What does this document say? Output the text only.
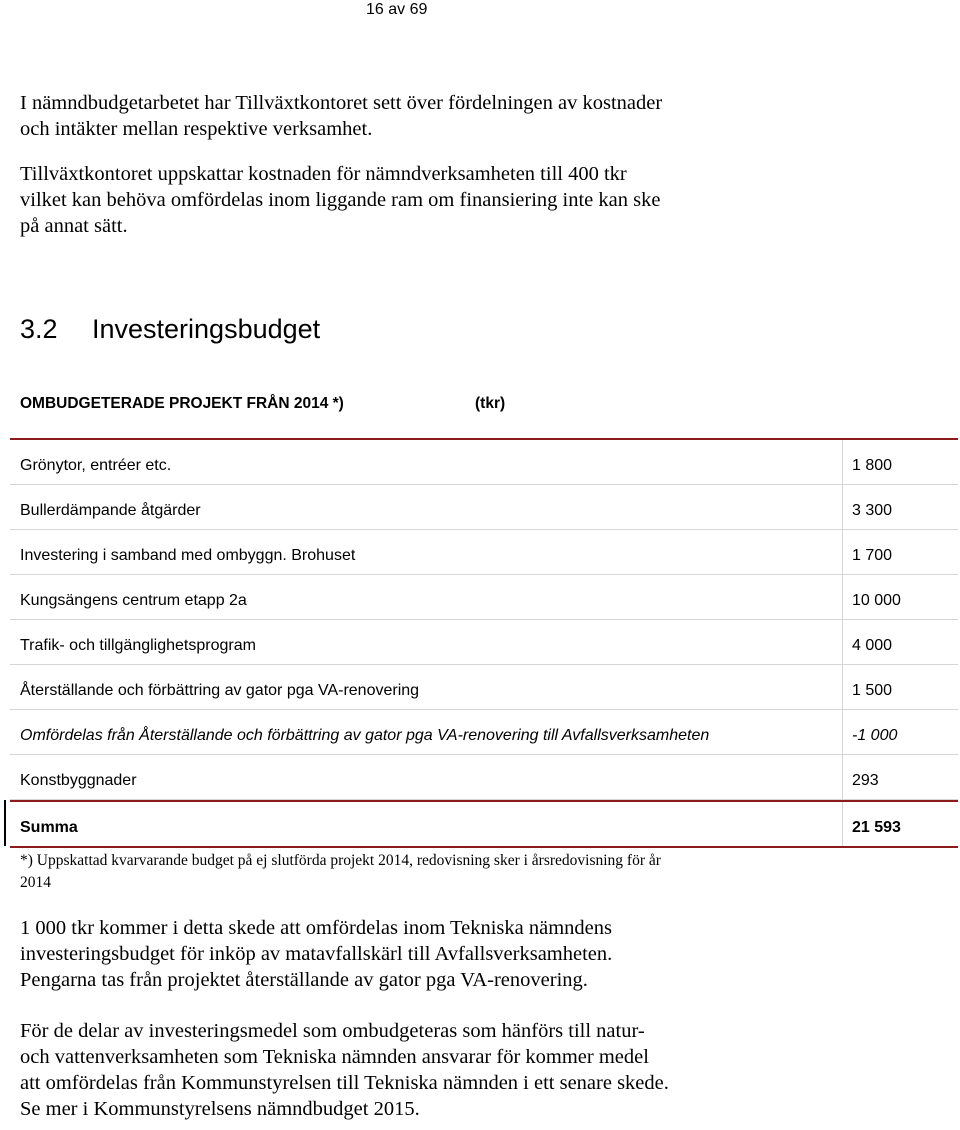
16 av 69

I nämndbudgetarbetet har Tillväxtkontoret sett över fördelningen av kostnader
och intäkter mellan respektive verksamhet.

Tillväxtkontoret uppskattar kostnaden för nämndverksamheten till 400 tkr
vilket kan behöva omfördelas inom liggande ram om finansiering inte kan ske
på annat sätt.

3.2 Investeringsbudget
OMBUDGETERADE PROJEKT FRÅN 2014 *)	(tkr)
Grönytor, entréer etc.	1 800
Bullerdämpande åtgärder	3 300
Investering i samband med ombyggn. Brohuset	1 700
Kungsängens centrum etapp 2a	10 000
Trafik- och tillgänglighetsprogram	4 000
Återställande och förbättring av gator pga VA-renovering	1 500
Omfördelas från Återställande och förbättring av gator pga VA-renovering till Avfallsverksamheten	-1 000
Konstbyggnader	293
Summa	21 593

*) Uppskattad kvarvarande budget på ej slutförda projekt 2014, redovisning sker i årsredovisning för år
2014

1 000 tkr kommer i detta skede att omfördelas inom Tekniska nämndens
investeringsbudget för inköp av matavfallskärl till Avfallsverksamheten.
Pengarna tas från projektet återställande av gator pga VA-renovering.

För de delar av investeringsmedel som ombudgeteras som hänförs till natur-
och vattenverksamheten som Tekniska nämnden ansvarar för kommer medel
att omfördelas från Kommunstyrelsen till Tekniska nämnden i ett senare skede.
Se mer i Kommunstyrelsens nämndbudget 2015.
